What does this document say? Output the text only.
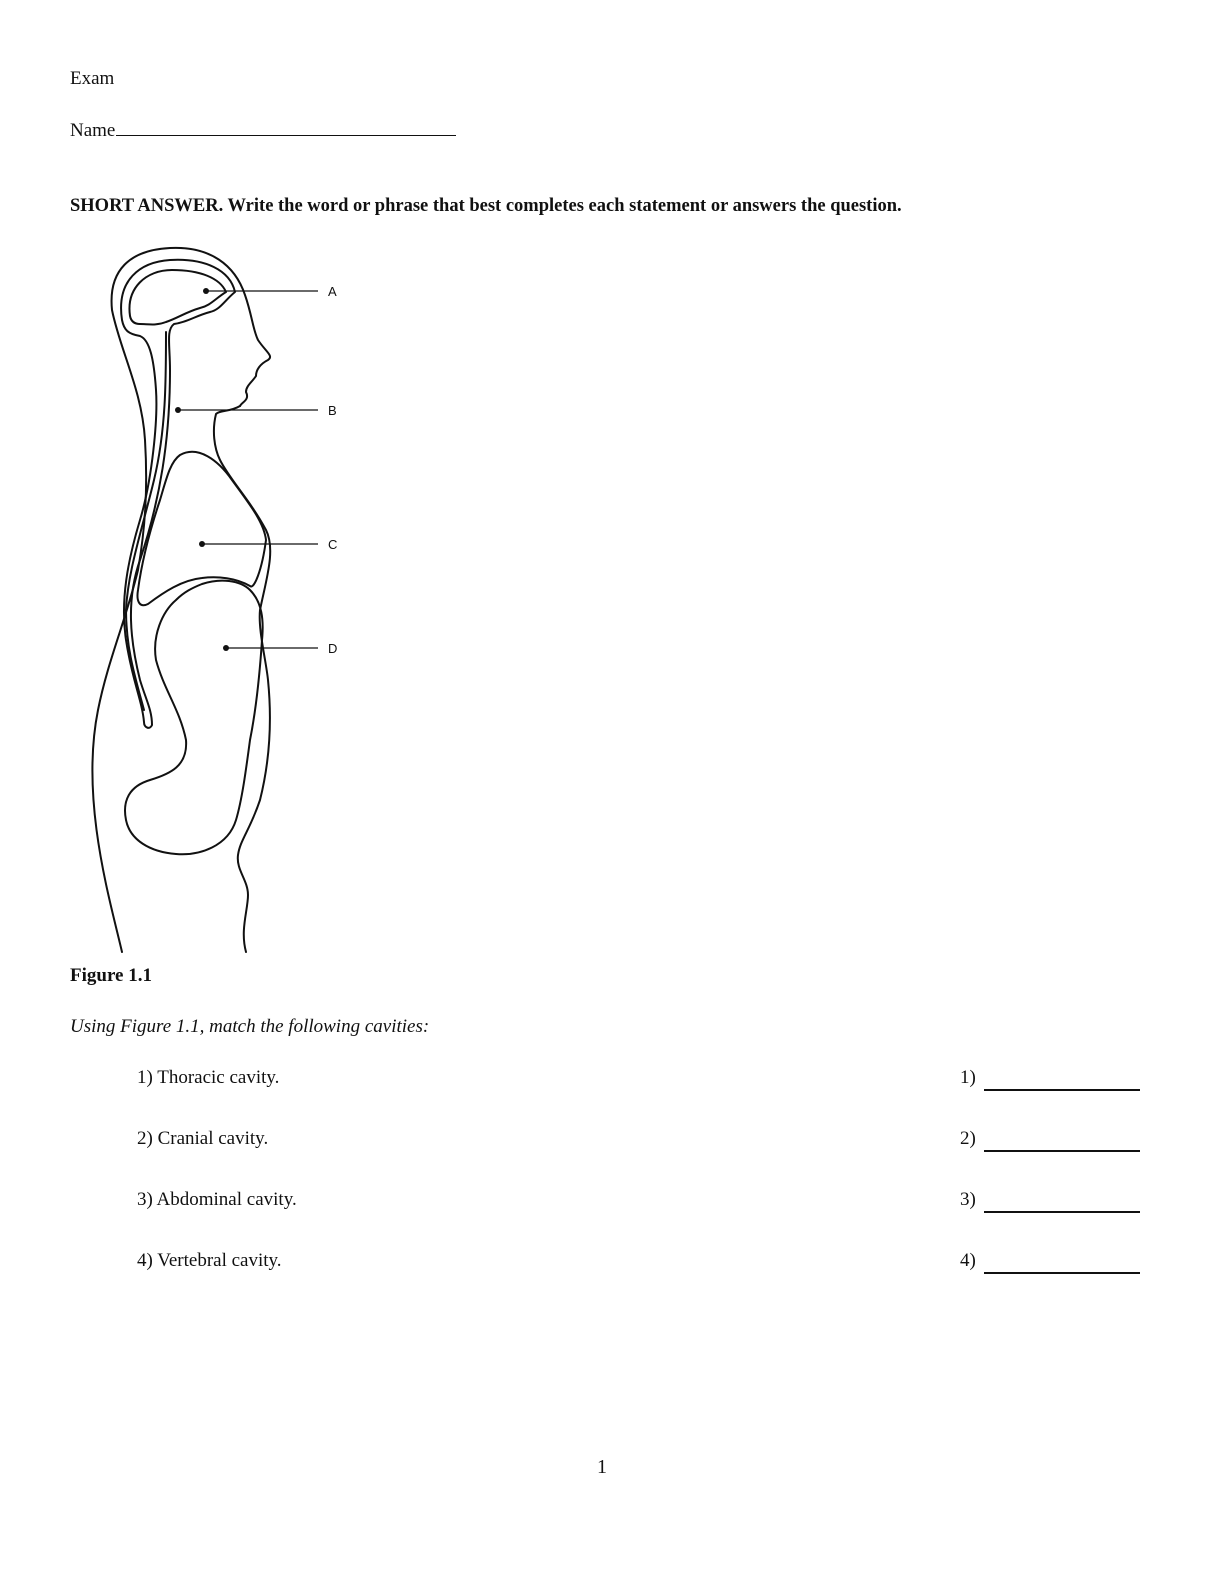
Exam
Name
SHORT ANSWER. Write the word or phrase that best completes each statement or answers the question.
A
B
C
D
Figure 1.1
Using Figure 1.1, match the following cavities:
1) Thoracic cavity.	1)
2) Cranial cavity.	2)
3) Abdominal cavity.	3)
4) Vertebral cavity.	4)
1
